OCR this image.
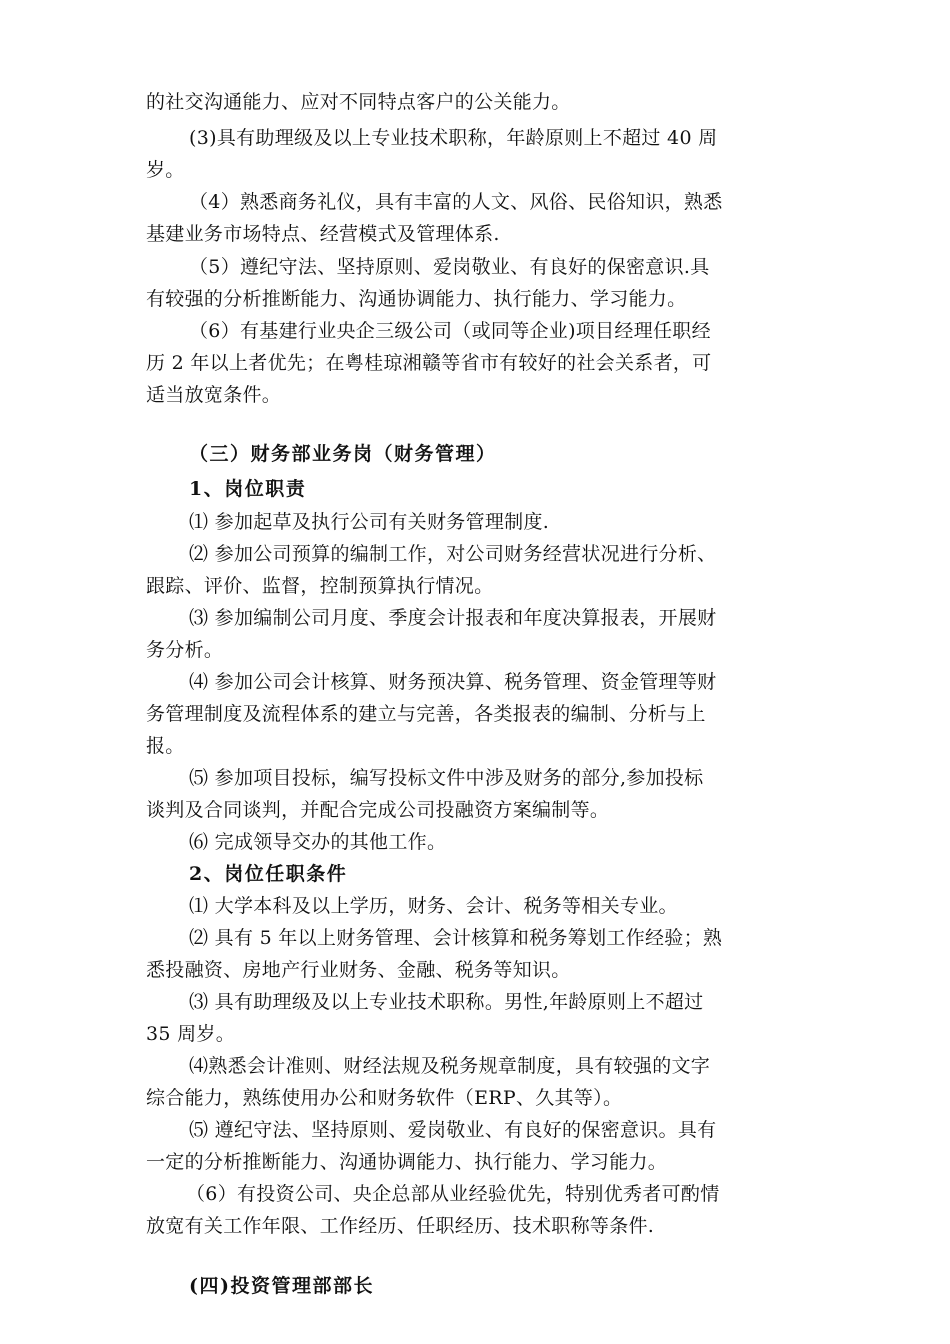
的社交沟通能力、应对不同特点客户的公关能力。
(3)具有助理级及以上专业技术职称，年龄原则上不超过 40 周
岁。
（4）熟悉商务礼仪，具有丰富的人文、风俗、民俗知识，熟悉
基建业务市场特点、经营模式及管理体系.
（5）遵纪守法、坚持原则、爱岗敬业、有良好的保密意识.具
有较强的分析推断能力、沟通协调能力、执行能力、学习能力。
（6）有基建行业央企三级公司（或同等企业)项目经理任职经
历 2 年以上者优先；在粤桂琼湘赣等省市有较好的社会关系者，可
适当放宽条件。
（三）财务部业务岗（财务管理）
1、岗位职责
⑴ 参加起草及执行公司有关财务管理制度.
⑵ 参加公司预算的编制工作，对公司财务经营状况进行分析、
跟踪、评价、监督，控制预算执行情况。
⑶ 参加编制公司月度、季度会计报表和年度决算报表，开展财
务分析。
⑷ 参加公司会计核算、财务预决算、税务管理、资金管理等财
务管理制度及流程体系的建立与完善，各类报表的编制、分析与上
报。
⑸ 参加项目投标，编写投标文件中涉及财务的部分,参加投标
谈判及合同谈判，并配合完成公司投融资方案编制等。
⑹ 完成领导交办的其他工作。
2、岗位任职条件
⑴ 大学本科及以上学历，财务、会计、税务等相关专业。
⑵ 具有 5 年以上财务管理、会计核算和税务筹划工作经验；熟
悉投融资、房地产行业财务、金融、税务等知识。
⑶ 具有助理级及以上专业技术职称。男性,年龄原则上不超过
35 周岁。
⑷熟悉会计准则、财经法规及税务规章制度，具有较强的文字
综合能力，熟练使用办公和财务软件（ERP、久其等）。
⑸ 遵纪守法、坚持原则、爱岗敬业、有良好的保密意识。具有
一定的分析推断能力、沟通协调能力、执行能力、学习能力。
（6）有投资公司、央企总部从业经验优先，特别优秀者可酌情
放宽有关工作年限、工作经历、任职经历、技术职称等条件.
(四)投资管理部部长
